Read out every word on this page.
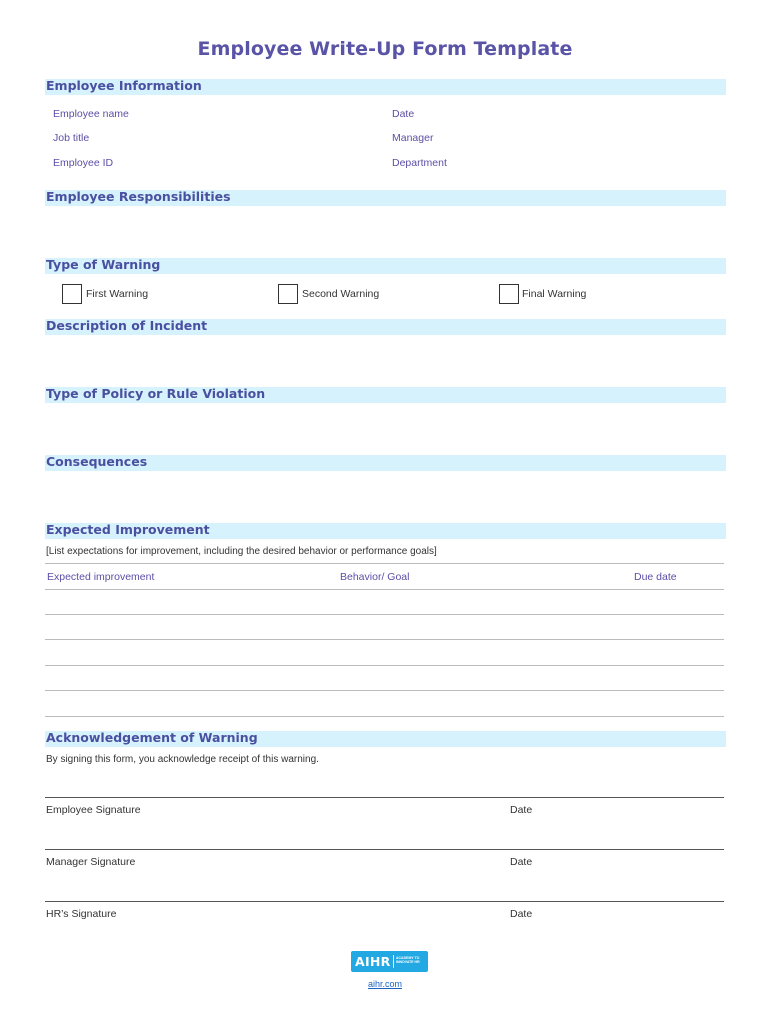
Employee Write-Up Form Template
Employee Information
Employee name	Date
Job title	Manager
Employee ID	Department
Employee Responsibilities
Type of Warning
First Warning	Second Warning	Final Warning
Description of Incident
Type of Policy or Rule Violation
Consequences
Expected Improvement
[List expectations for improvement, including the desired behavior or performance goals]
Expected improvement	Behavior/ Goal	Due date
Acknowledgement of Warning
By signing this form, you acknowledge receipt of this warning.
Employee Signature	Date
Manager Signature	Date
HR’s Signature	Date
AIHR ACADEMY TO INNOVATE HR
aihr.com
